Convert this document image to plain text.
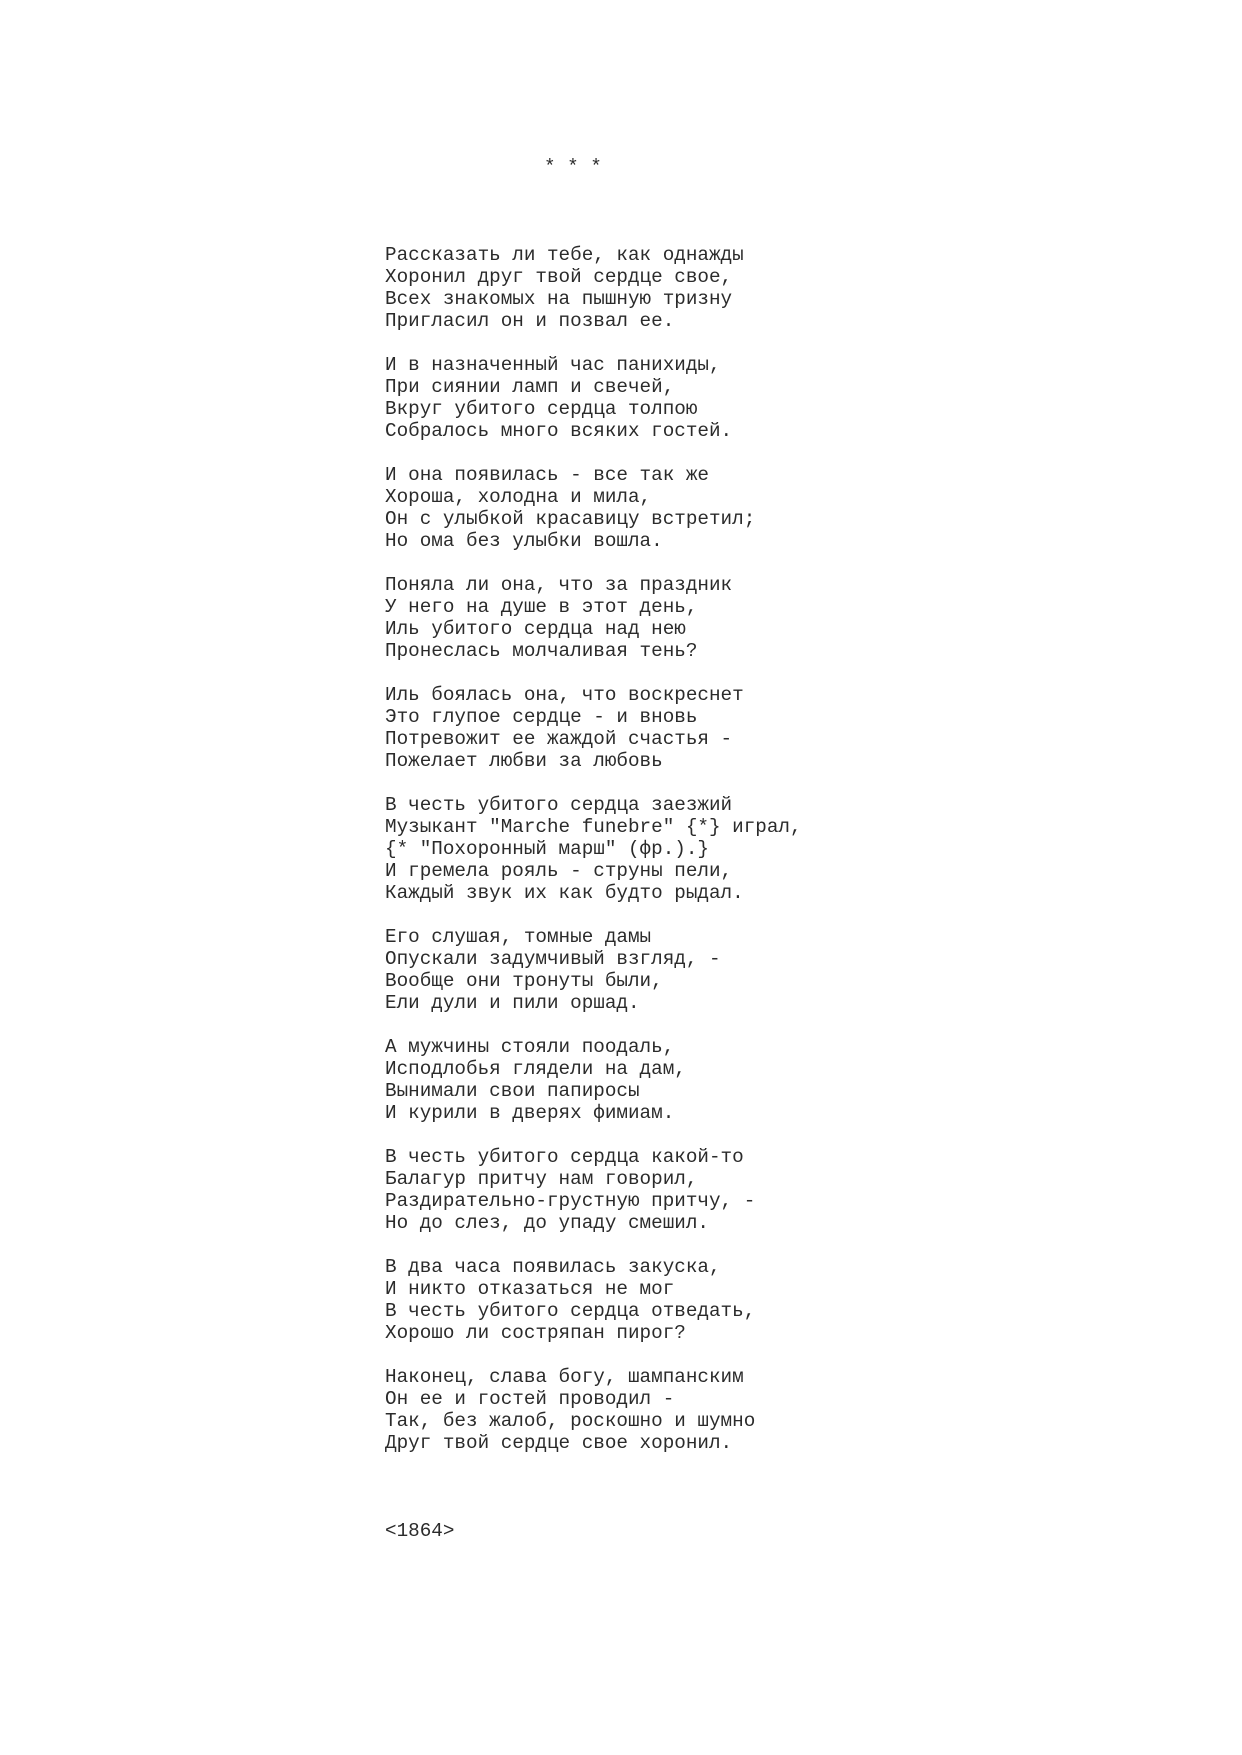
* * *

Рассказать ли тебе, как однажды
Хоронил друг твой сердце свое,
Всех знакомых на пышную тризну
Пригласил он и позвал ее.
И в назначенный час панихиды,
При сиянии ламп и свечей,
Вкруг убитого сердца толпою
Собралось много всяких гостей.
И она появилась - все так же
Хороша, холодна и мила,
Он с улыбкой красавицу встретил;
Но ома без улыбки вошла.
Поняла ли она, что за праздник
У него на душе в этот день,
Иль убитого сердца над нею
Пронеслась молчаливая тень?
Иль боялась она, что воскреснет
Это глупое сердце - и вновь
Потревожит ее жаждой счастья -
Пожелает любви за любовь
В честь убитого сердца заезжий
Музыкант "Marche funebre" {*} играл,
{* "Похоронный марш" (фр.).}
И гремела рояль - струны пели,
Каждый звук их как будто рыдал.
Его слушая, томные дамы
Опускали задумчивый взгляд, -
Вообще они тронуты были,
Ели дули и пили оршад.
А мужчины стояли поодаль,
Исподлобья глядели на дам,
Вынимали свои папиросы
И курили в дверях фимиам.
В честь убитого сердца какой-то
Балагур притчу нам говорил,
Раздирательно-грустную притчу, -
Но до слез, до упаду смешил.
В два часа появилась закуска,
И никто отказаться не мог
В честь убитого сердца отведать,
Хорошо ли состряпан пирог?
Наконец, слава богу, шампанским
Он ее и гостей проводил -
Так, без жалоб, роскошно и шумно
Друг твой сердце свое хоронил.

<1864>
